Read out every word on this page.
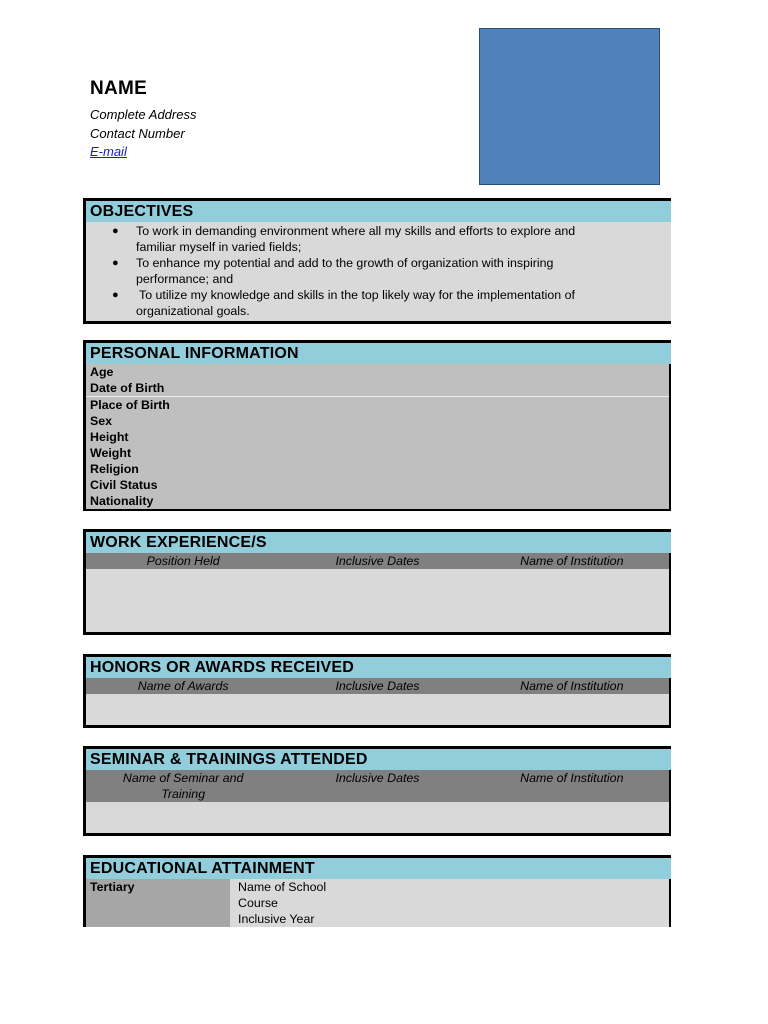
NAME
Complete Address
Contact Number
E-mail
OBJECTIVES
● To work in demanding environment where all my skills and efforts to explore and
familiar myself in varied fields;
● To enhance my potential and add to the growth of organization with inspiring
performance; and
● To utilize my knowledge and skills in the top likely way for the implementation of
organizational goals.
PERSONAL INFORMATION
Age
Date of Birth
Place of Birth
Sex
Height
Weight
Religion
Civil Status
Nationality
WORK EXPERIENCE/S
Position Held	Inclusive Dates	Name of Institution
HONORS OR AWARDS RECEIVED
Name of Awards	Inclusive Dates	Name of Institution
SEMINAR & TRAININGS ATTENDED
Name of Seminar and
Training
Inclusive Dates	Name of Institution
EDUCATIONAL ATTAINMENT
Tertiary	Name of School
Course
Inclusive Year
